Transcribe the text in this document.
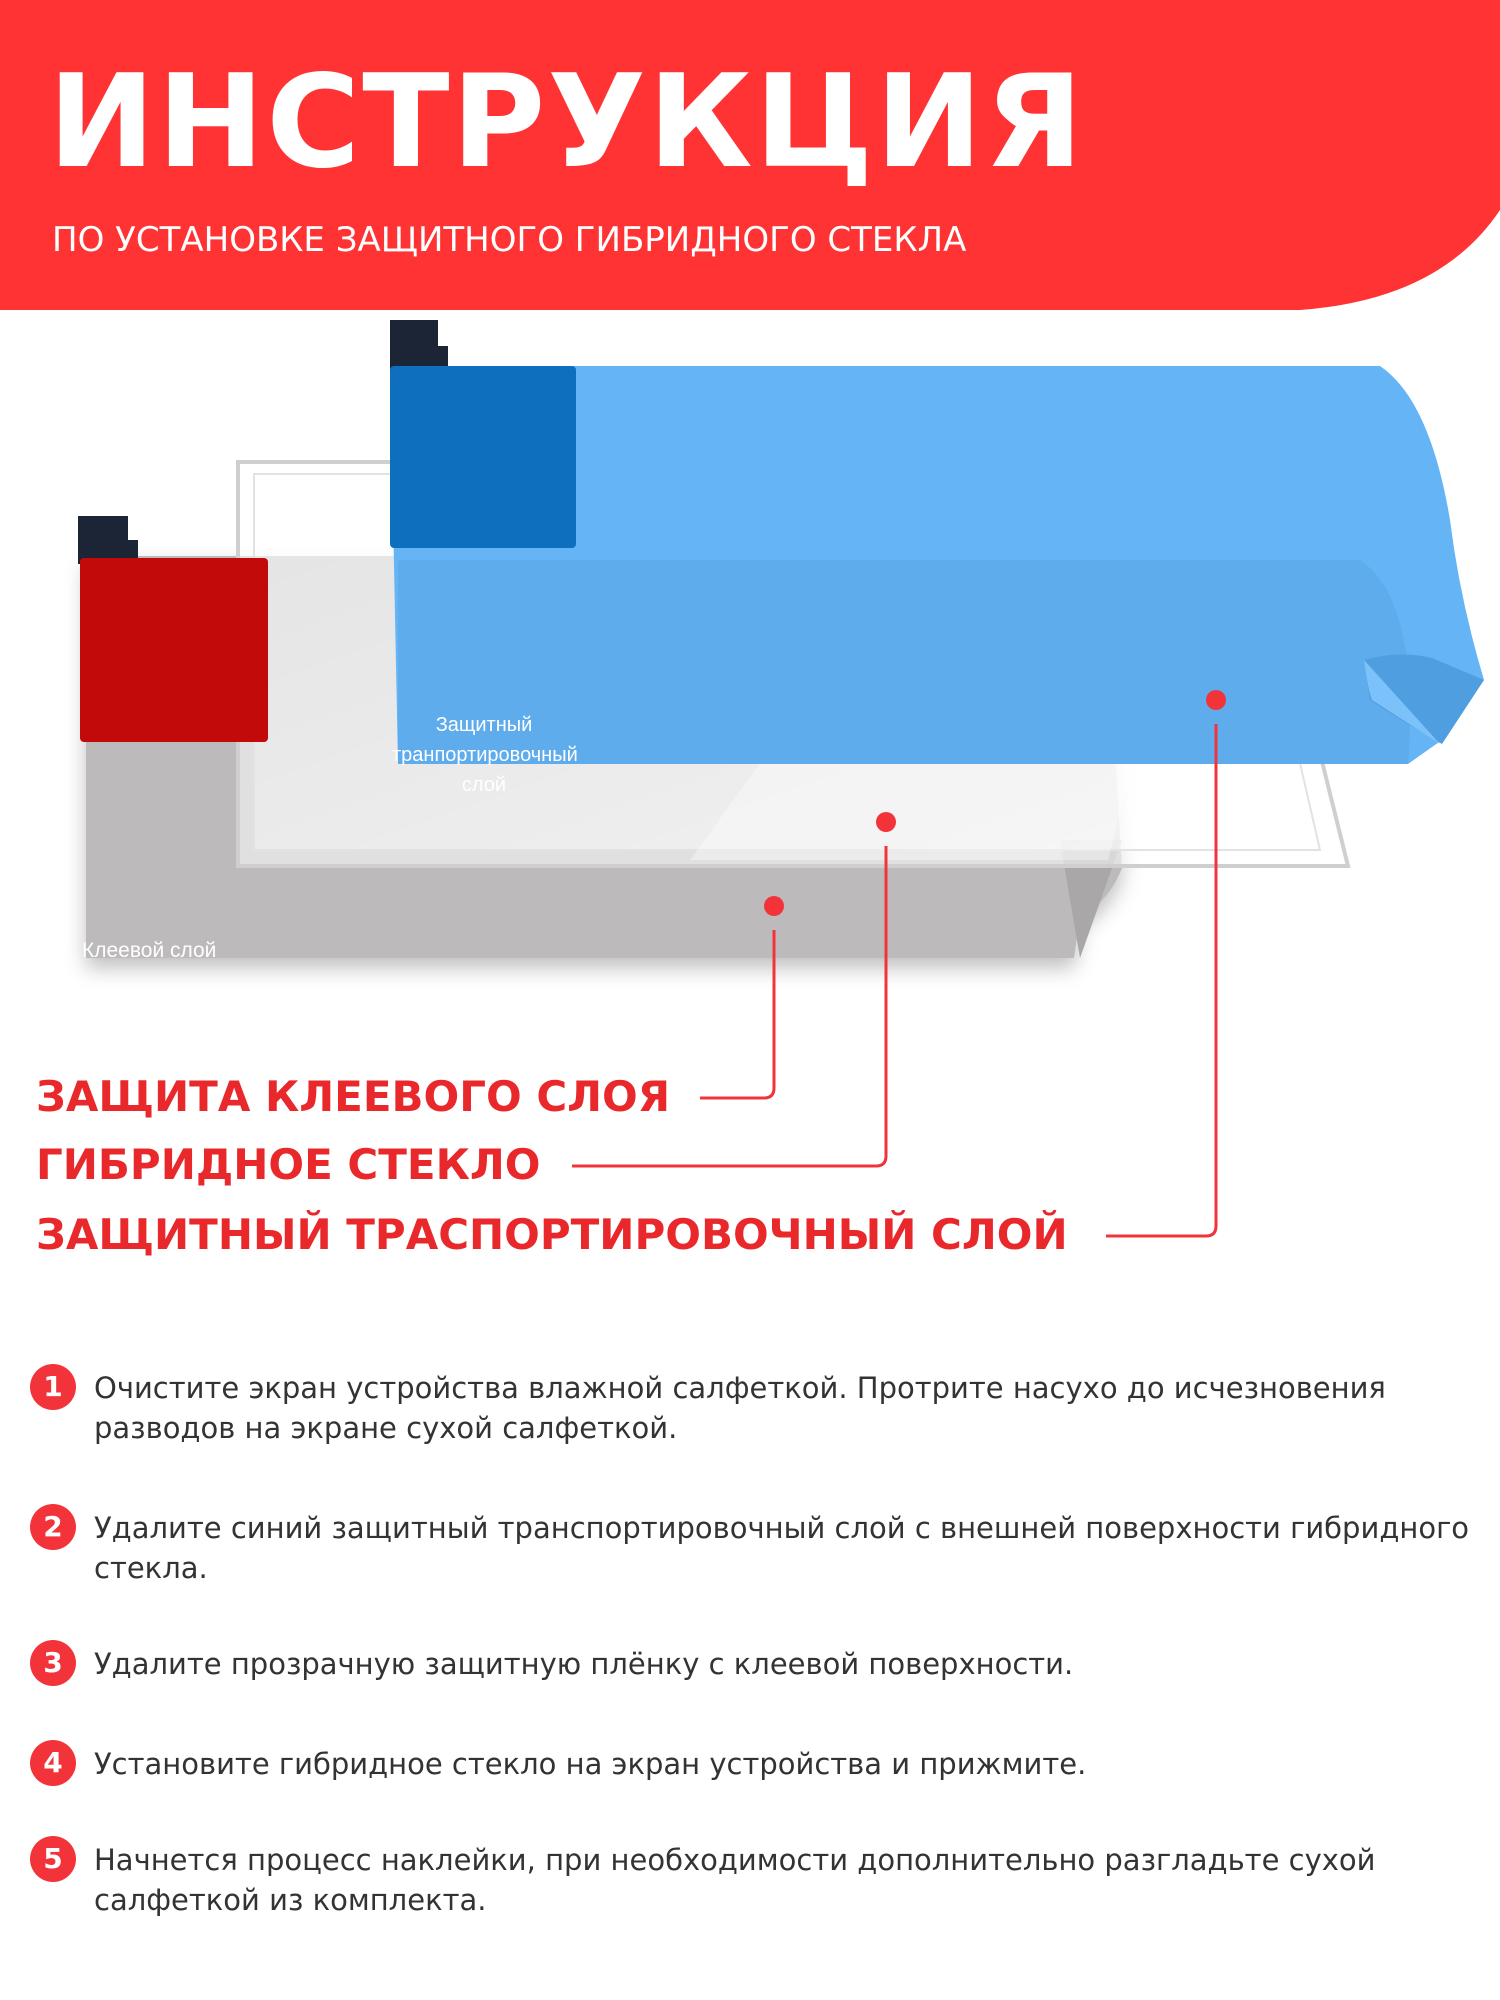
ИНСТРУКЦИЯ
ПО УСТАНОВКЕ ЗАЩИТНОГО ГИБРИДНОГО СТЕКЛА
Защитный транпортировочный слой
Клеевой слой
ЗАЩИТА КЛЕЕВОГО СЛОЯ
ГИБРИДНОЕ СТЕКЛО
ЗАЩИТНЫЙ ТРАСПОРТИРОВОЧНЫЙ СЛОЙ
1	Очистите экран устройства влажной салфеткой. Протрите насухо до исчезновения разводов на экране сухой салфеткой.
2	Удалите синий защитный транспортировочный слой с внешней поверхности гибридного стекла.
3	Удалите прозрачную защитную плёнку с клеевой поверхности.
4	Установите гибридное стекло на экран устройства и прижмите.
5	Начнется процесс наклейки, при необходимости дополнительно разгладьте сухой салфеткой из комплекта.
